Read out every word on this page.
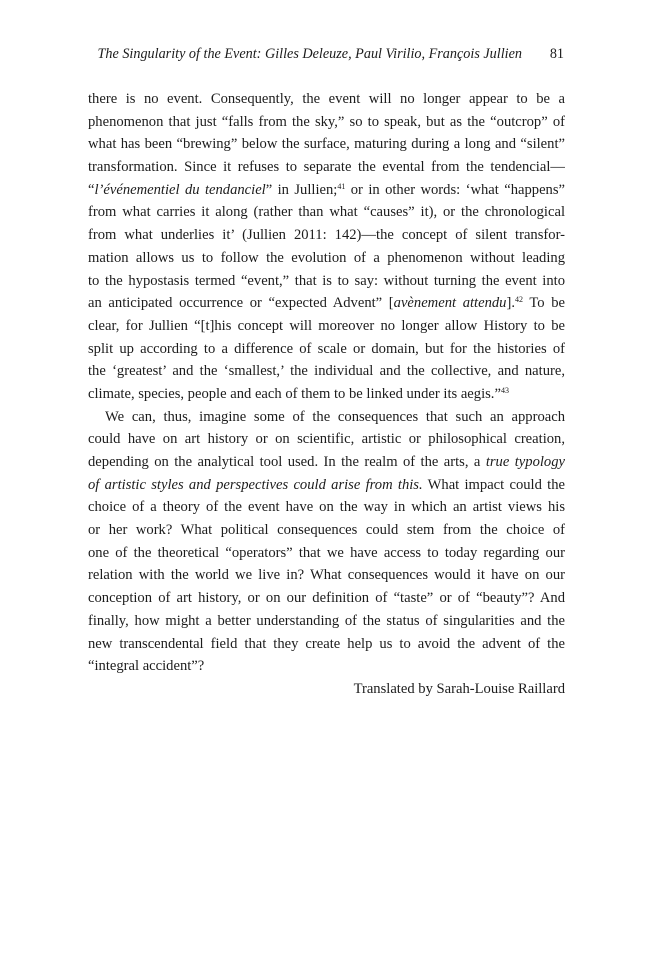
The Singularity of the Event: Gilles Deleuze, Paul Virilio, François Jullien 81
there is no event. Consequently, the event will no longer appear to be a
phenomenon that just “falls from the sky,” so to speak, but as the “outcrop” of
what has been “brewing” below the surface, maturing during a long and “silent”
transformation. Since it refuses to separate the evental from the tendencial—
“l’événementiel du tendanciel” in Jullien;$^{41}$ or in other words: ‘what “happens”
from what carries it along (rather than what “causes” it), or the chronological
from what underlies it’ (Jullien 2011: 142)—the concept of silent transfor-
mation allows us to follow the evolution of a phenomenon without leading
to the hypostasis termed “event,” that is to say: without turning the event into
an anticipated occurrence or “expected Advent” [avènement attendu].$^{42}$ To be
clear, for Jullien “[t]his concept will moreover no longer allow History to be
split up according to a difference of scale or domain, but for the histories of
the ‘greatest’ and the ‘smallest,’ the individual and the collective, and nature,
climate, species, people and each of them to be linked under its aegis.”$^{43}$
We can, thus, imagine some of the consequences that such an approach
could have on art history or on scientific, artistic or philosophical creation,
depending on the analytical tool used. In the realm of the arts, a true typology
of artistic styles and perspectives could arise from this. What impact could the
choice of a theory of the event have on the way in which an artist views his
or her work? What political consequences could stem from the choice of
one of the theoretical “operators” that we have access to today regarding our
relation with the world we live in? What consequences would it have on our
conception of art history, or on our definition of “taste” or of “beauty”? And
finally, how might a better understanding of the status of singularities and the
new transcendental field that they create help us to avoid the advent of the
“integral accident”?
Translated by Sarah-Louise Raillard
